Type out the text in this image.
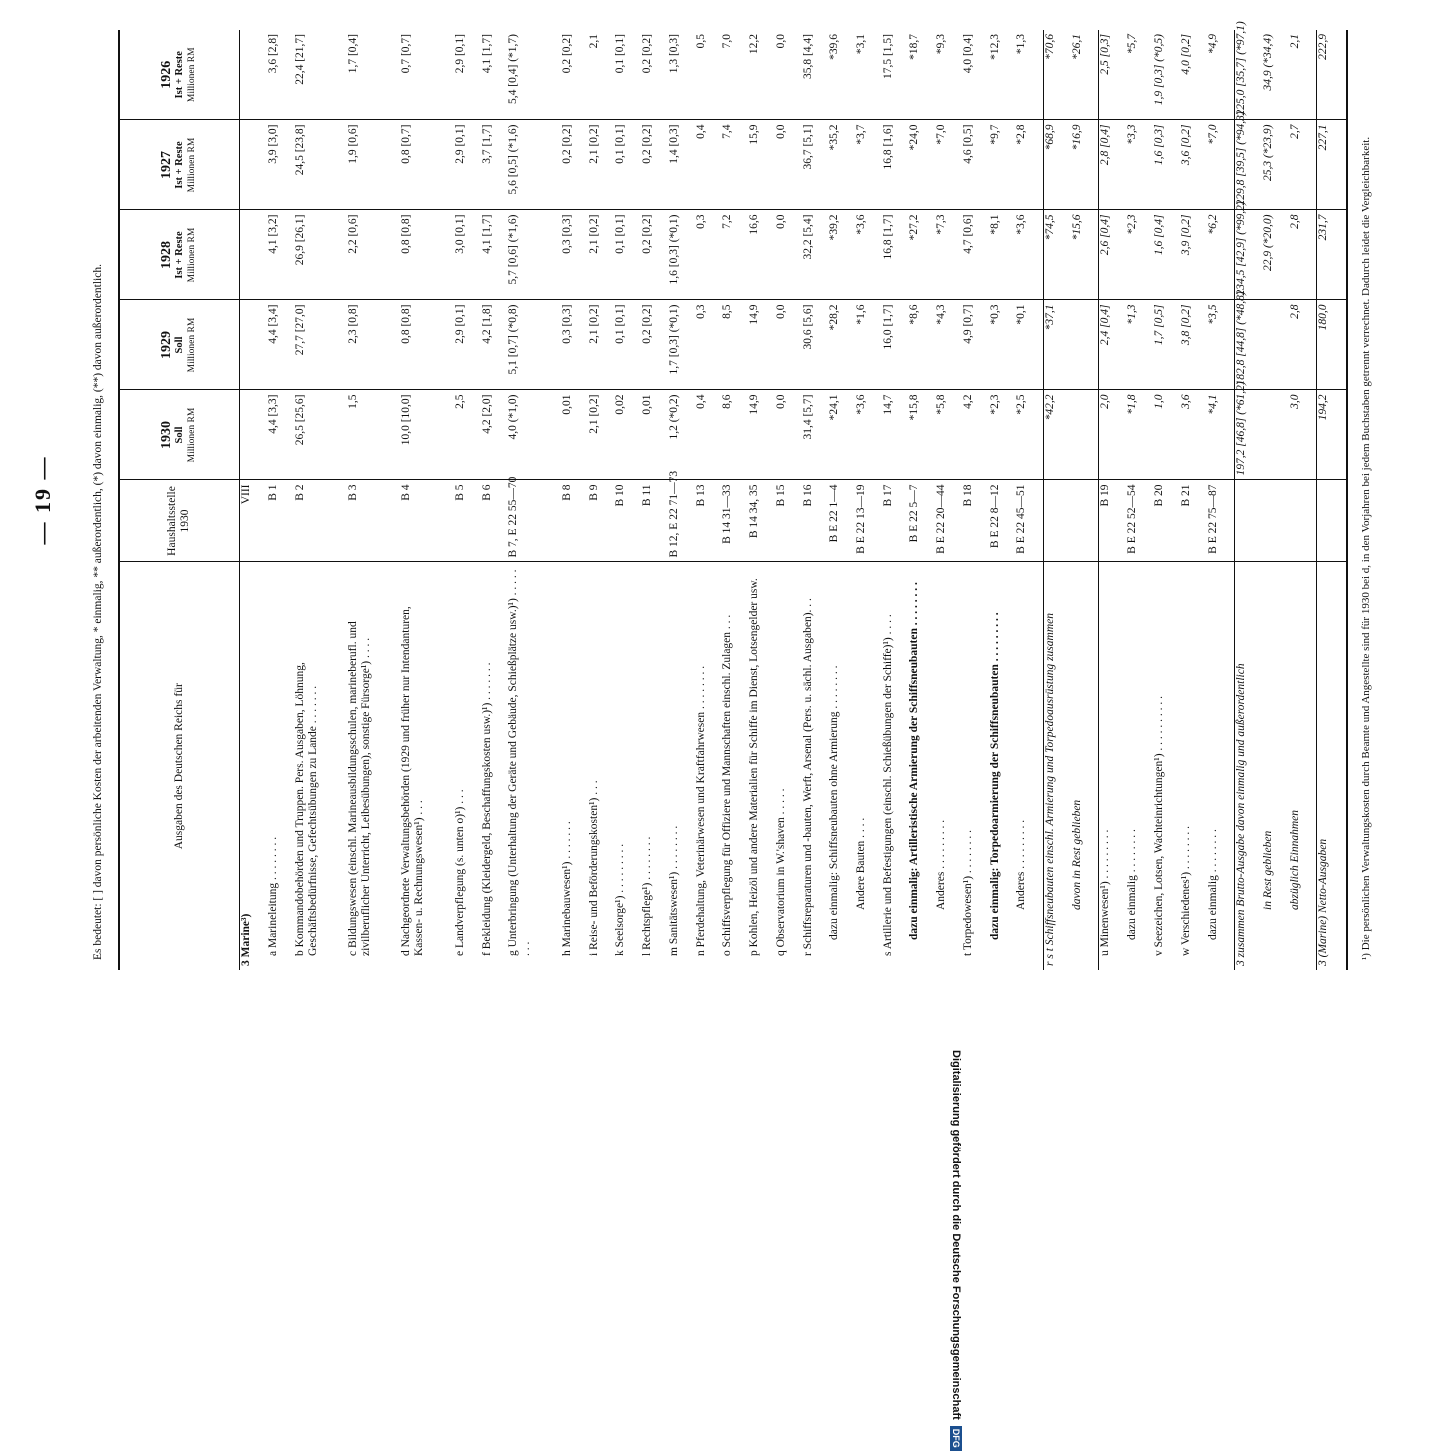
— 19 —	Es bedeutet: [ ] davon persönliche Kosten der arbeitenden Verwaltung, * einmalig, ** außerordentlich, (*) davon einmalig, (**) davon außerordentlich.	Ausgaben des Deutschen Reichs für	Haushaltsstelle 1930	1930 Soll Millionen RM	1929 Soll Millionen RM	1928 Ist + Reste Millionen RM	1927 Ist + Reste Millionen RM	1926 Ist + Reste Millionen RM

3 Marine³)	VIII					
a Marineleitung . . . . . . . .	B 1	4,4 [3,3]	4,4 [3,4]	4,1 [3,2]	3,9 [3,0]	3,6 [2,8]
b Kommandobehörden und Truppen. Pers. Ausgaben, Löhnung, Geschäftsbedürfnisse, Gefechtsübungen zu Lande . . . . . . .	B 2	26,5 [25,6]	27,7 [27,0]	26,9 [26,1]	24,5 [23,8]	22,4 [21,7]
c Bildungswesen (einschl. Marineausbildungsschulen, marineberufl. und zivilberuflicher Unterricht, Leibesübungen), sonstige Fürsorge¹) . . . .	B 3	1,5	2,3 [0,8]	2,2 [0,6]	1,9 [0,6]	1,7 [0,4]
d Nachgeordnete Verwaltungsbehörden (1929 und früher nur Intendanturen, Kassen- u. Rechnungswesen¹) . . .	B 4	10,0 [10,0]	0,8 [0,8]	0,8 [0,8]	0,8 [0,7]	0,7 [0,7]
e Landverpflegung (s. unten o)¹) . . .	B 5	2,5	2,9 [0,1]	3,0 [0,1]	2,9 [0,1]	2,9 [0,1]
f Bekleidung (Kleidergeld, Beschaffungskosten usw.)¹) . . . . . . .	B 6	4,2 [2,0]	4,2 [1,8]	4,1 [1,7]	3,7 [1,7]	4,1 [1,7]
g Unterbringung (Unterhaltung der Geräte und Gebäude, Schießplätze usw.)¹) . . . . . . . .	B 7, E 22 55—70	4,0 (*1,0)	5,1 [0,7] (*0,8)	5,7 [0,6] (*1,6)	5,6 [0,5] (*1,6)	5,4 [0,4] (*1,7)
h Marinebauwesen¹) . . . . . . .	B 8	0,01	0,3 [0,3]	0,3 [0,3]	0,2 [0,2]	0,2 [0,2]
i Reise- und Beförderungskosten¹) . . .	B 9	2,1 [0,2]	2,1 [0,2]	2,1 [0,2]	2,1 [0,2]	2,1
k Seelsorge¹) . . . . . . . . .	B 10	0,02	0,1 [0,1]	0,1 [0,1]	0,1 [0,1]	0,1 [0,1]
l Rechtspflege¹) . . . . . . . .	B 11	0,01	0,2 [0,2]	0,2 [0,2]	0,2 [0,2]	0,2 [0,2]
m Sanitätswesen¹) . . . . . . . .	B 12, E 22 71—73	1,2 (*0,2)	1,7 [0,3] (*0,1)	1,6 [0,3] (*0,1)	1,4 [0,3]	1,3 [0,3]
n Pferdehaltung, Veterinärwesen und Kraftfahrwesen . . . . . . . .	B 13	0,4	0,3	0,3	0,4	0,5
o Schiffsverpflegung für Offiziere und Mannschaften einschl. Zulagen . . .	B 14 31—33	8,6	8,5	7,2	7,4	7,0
p Kohlen, Heizöl und andere Materialien für Schiffe im Dienst, Lotsengelder usw.	B 14 34, 35	14,9	14,9	16,6	15,9	12,2
q Observatorium in W.'shaven . . . . .	B 15	0,0	0,0	0,0	0,0	0,0
r Schiffsreparaturen und -bauten, Werft, Arsenal (Pers. u. sächl. Ausgaben). . .	B 16	31,4 [5,7]	30,6 [5,6]	32,2 [5,4]	36,7 [5,1]	35,8 [4,4]
dazu einmalig: Schiffsneubauten ohne Armierung . . . . . . . .	B E 22 1—4	*24,1	*28,2	*39,2	*35,2	*39,6
Andere Bauten . . . .	B E 22 13—19	*3,6	*1,6	*3,6	*3,7	*3,1
s Artillerie und Befestigungen (einschl. Schießübungen der Schiffe)¹) . . . .	B 17	14,7	16,0 [1,7]	16,8 [1,7]	16,8 [1,6]	17,5 [1,5]
dazu einmalig: Artilleristische Armierung der Schiffsneubauten . . . . . . . .	B E 22 5—7	*15,8	*8,6	*27,2	*24,0	*18,7
Anderes . . . . . . . . .	B E 22 20—44	*5,8	*4,3	*7,3	*7,0	*9,3
t Torpedowesen¹) . . . . . . . .	B 18	4,2	4,9 [0,7]	4,7 [0,6]	4,6 [0,5]	4,0 [0,4]
dazu einmalig: Torpedoarmierung der Schiffsneubauten . . . . . . . . .	B E 22 8—12	*2,3	*0,3	*8,1	*9,7	*12,3
Anderes . . . . . . . . .	B E 22 45—51	*2,5	*0,1	*3,6	*2,8	*1,3
r s t Schiffsneubauten einschl. Armierung und Torpedoausrüstung zusammen		*42,2	*37,1	*74,5	*68,9	*70,6
davon in Rest geblieben				*15,6	*16,9	*26,1
u Minenwesen¹) . . . . . . . . .	B 19	2,0	2,4 [0,4]	2,6 [0,4]	2,8 [0,4]	2,5 [0,3]
dazu einmalig . . . . . . . .	B E 22 52—54	*1,8	*1,3	*2,3	*3,3	*5,7
v Seezeichen, Lotsen, Wachteinrichtungen¹) . . . . . . . . . .	B 20	1,0	1,7 [0,5]	1,6 [0,4]	1,6 [0,3]	1,9 [0,3] (*0,5)
w Verschiedenes¹) . . . . . . . .	B 21	3,6	3,8 [0,2]	3,9 [0,2]	3,6 [0,2]	4,0 [0,2]
dazu einmalig . . . . . . . .	B E 22 75—87	*4,1	*3,5	*6,2	*7,0	*4,9
3 zusammen Brutto-Ausgabe davon einmalig und außerordentlich		197,2 [46,8] (*61,2)	182,8 [44,8] (*48,8)	234,5 [42,9] (*99,2)	229,8 [39,5] (*94,3)	225,0 [35,7] (*97,1)
in Rest geblieben				22,9 (*20,0)	25,3 (*23,9)	34,9 (*34,4)
abzüglich Einnahmen		3,0	2,8	2,8	2,7	2,1
3 (Marine) Netto-Ausgaben		194,2	180,0	231,7	227,1	222,9
¹) Die persönlichen Verwaltungskosten durch Beamte und Angestellte sind für 1930 bei d, in den Vorjahren bei jedem Buchstaben getrennt verrechnet. Dadurch leidet die Vergleichbarkeit.
Digitalisierung gefördert durch die Deutsche ForschungsgemeinschaftDFG
